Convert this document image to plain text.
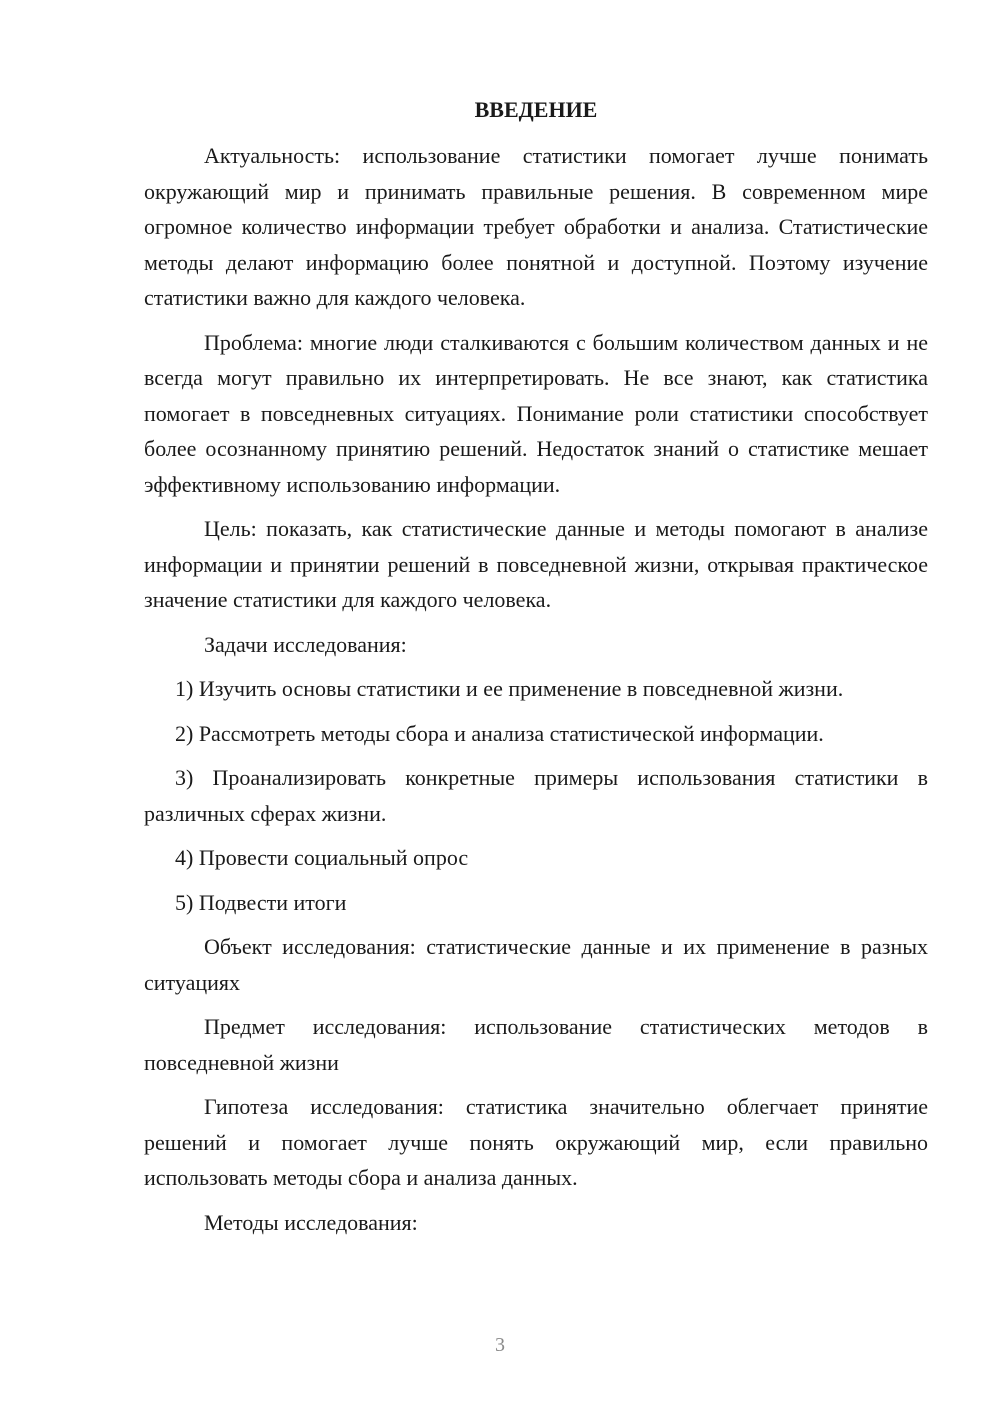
ВВЕДЕНИЕ

Актуальность: использование статистики помогает лучше понимать окружающий мир и принимать правильные решения. В современном мире огромное количество информации требует обработки и анализа. Статистические методы делают информацию более понятной и доступной. Поэтому изучение статистики важно для каждого человека.

Проблема: многие люди сталкиваются с большим количеством данных и не всегда могут правильно их интерпретировать. Не все знают, как статистика помогает в повседневных ситуациях. Понимание роли статистики способствует более осознанному принятию решений. Недостаток знаний о статистике мешает эффективному использованию информации.

Цель: показать, как статистические данные и методы помогают в анализе информации и принятии решений в повседневной жизни, открывая практическое значение статистики для каждого человека.

Задачи исследования:

1) Изучить основы статистики и ее применение в повседневной жизни.

2) Рассмотреть методы сбора и анализа статистической информации.

3) Проанализировать конкретные примеры использования статистики в различных сферах жизни.

4) Провести социальный опрос

5) Подвести итоги

Объект исследования: статистические данные и их применение в разных ситуациях

Предмет исследования: использование статистических методов в повседневной жизни

Гипотеза исследования: статистика значительно облегчает принятие решений и помогает лучше понять окружающий мир, если правильно использовать методы сбора и анализа данных.

Методы исследования:

3
